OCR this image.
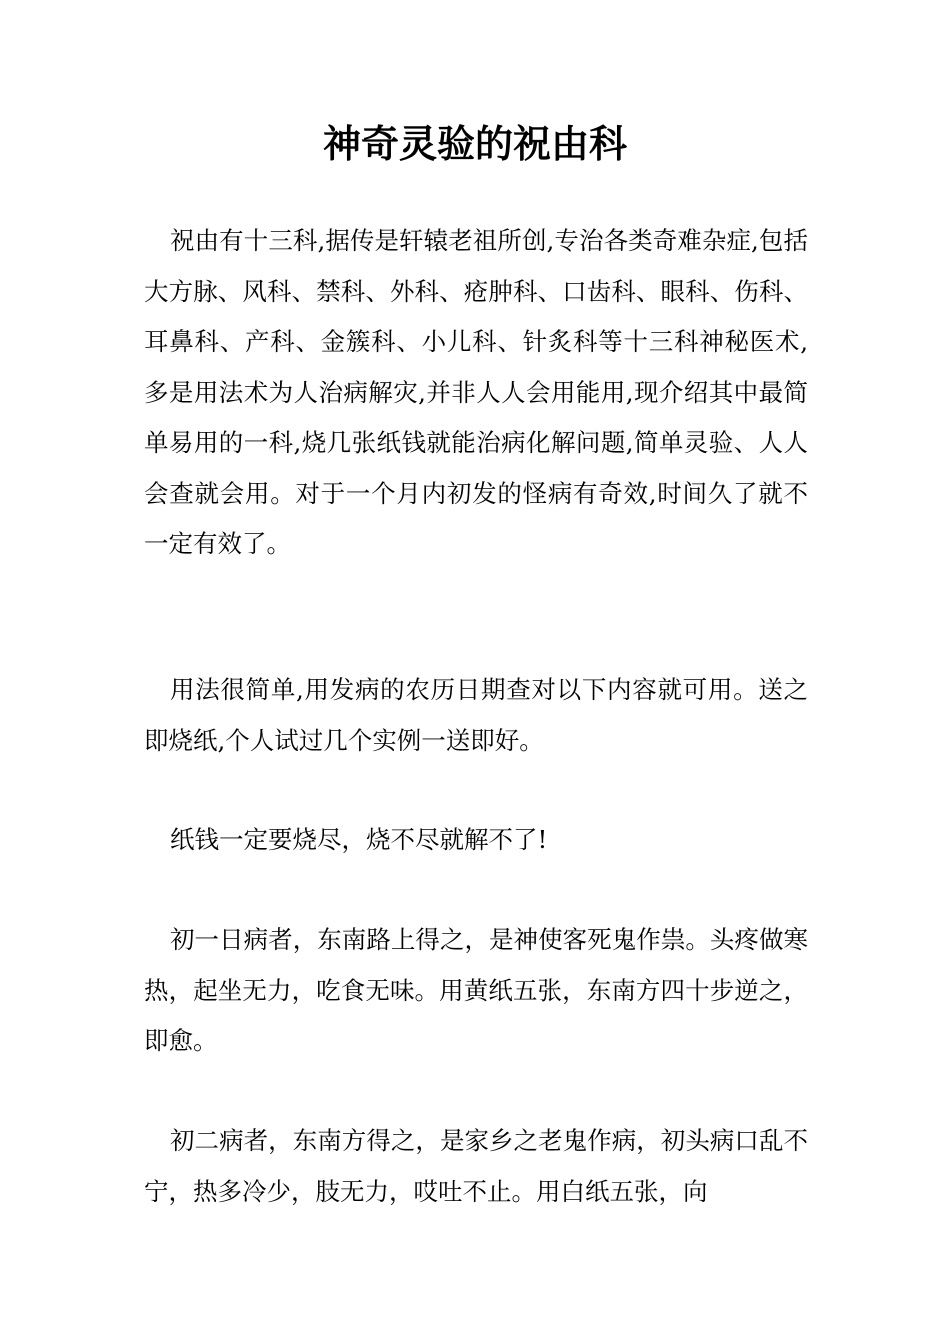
神奇灵验的祝由科

祝由有十三科,据传是轩辕老祖所创,专治各类奇难杂症,包括大方脉、风科、禁科、外科、疮肿科、口齿科、眼科、伤科、耳鼻科、产科、金簇科、小儿科、针炙科等十三科神秘医术,多是用法术为人治病解灾,并非人人会用能用,现介绍其中最简单易用的一科,烧几张纸钱就能治病化解问题,简单灵验、人人会查就会用。对于一个月内初发的怪病有奇效,时间久了就不一定有效了。

用法很简单,用发病的农历日期查对以下内容就可用。送之即烧纸,个人试过几个实例一送即好。

纸钱一定要烧尽，烧不尽就解不了!

初一日病者，东南路上得之，是神使客死鬼作祟。头疼做寒热，起坐无力，吃食无味。用黄纸五张，东南方四十步逆之，即愈。

初二病者，东南方得之，是家乡之老鬼作病，初头病口乱不宁，热多冷少，肢无力，哎吐不止。用白纸五张，向
